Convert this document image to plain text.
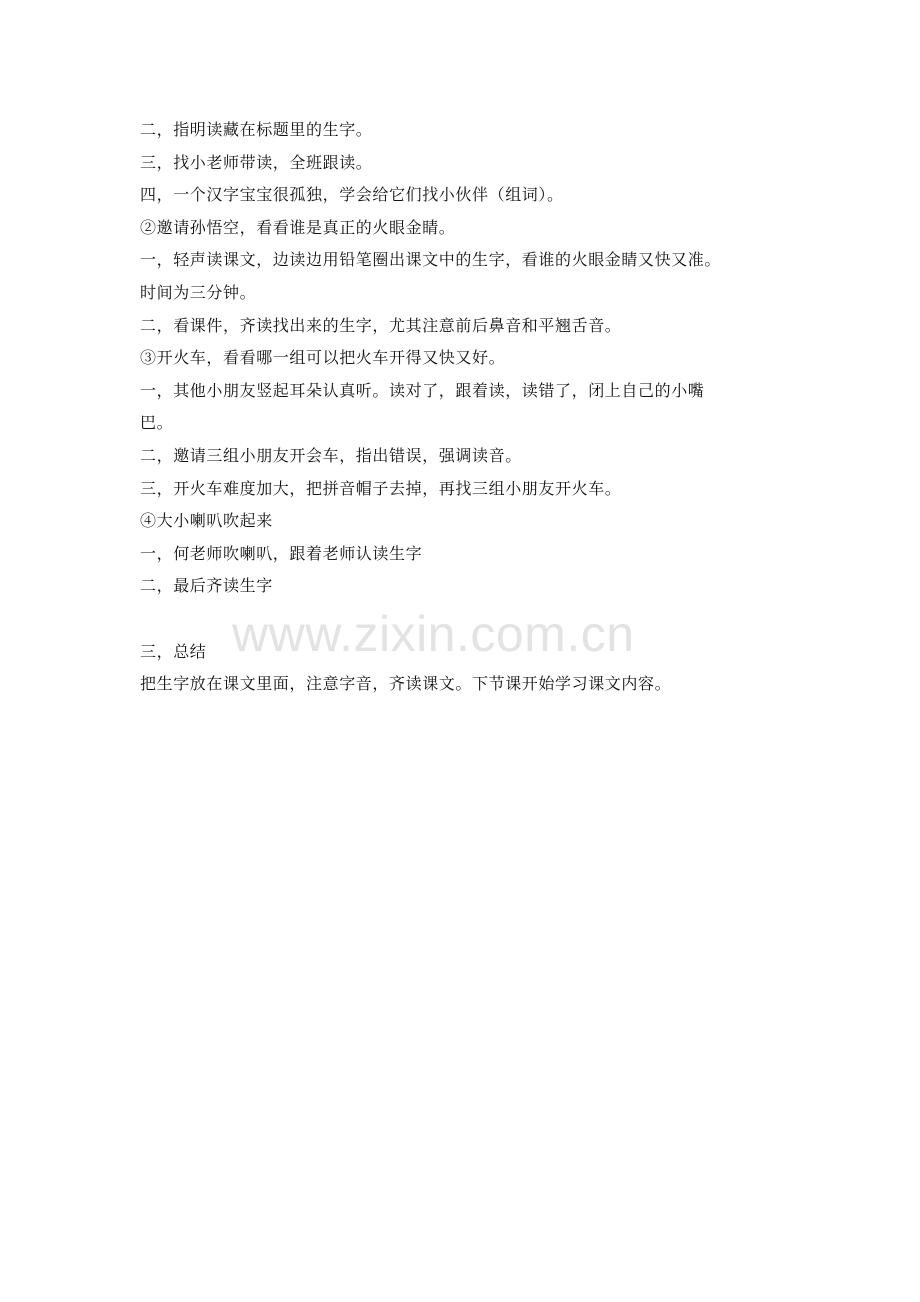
二，指明读藏在标题里的生字。
三，找小老师带读，全班跟读。
四，一个汉字宝宝很孤独，学会给它们找小伙伴（组词）。
②邀请孙悟空，看看谁是真正的火眼金睛。
一，轻声读课文，边读边用铅笔圈出课文中的生字，看谁的火眼金睛又快又准。
时间为三分钟。
二，看课件，齐读找出来的生字，尤其注意前后鼻音和平翘舌音。
③开火车，看看哪一组可以把火车开得又快又好。
一，其他小朋友竖起耳朵认真听。读对了，跟着读，读错了，闭上自己的小嘴
巴。
二，邀请三组小朋友开会车，指出错误，强调读音。
三，开火车难度加大，把拼音帽子去掉，再找三组小朋友开火车。
④大小喇叭吹起来
一，何老师吹喇叭，跟着老师认读生字
二，最后齐读生字
三，总结
把生字放在课文里面，注意字音，齐读课文。下节课开始学习课文内容。
www.zixin.com.cn
